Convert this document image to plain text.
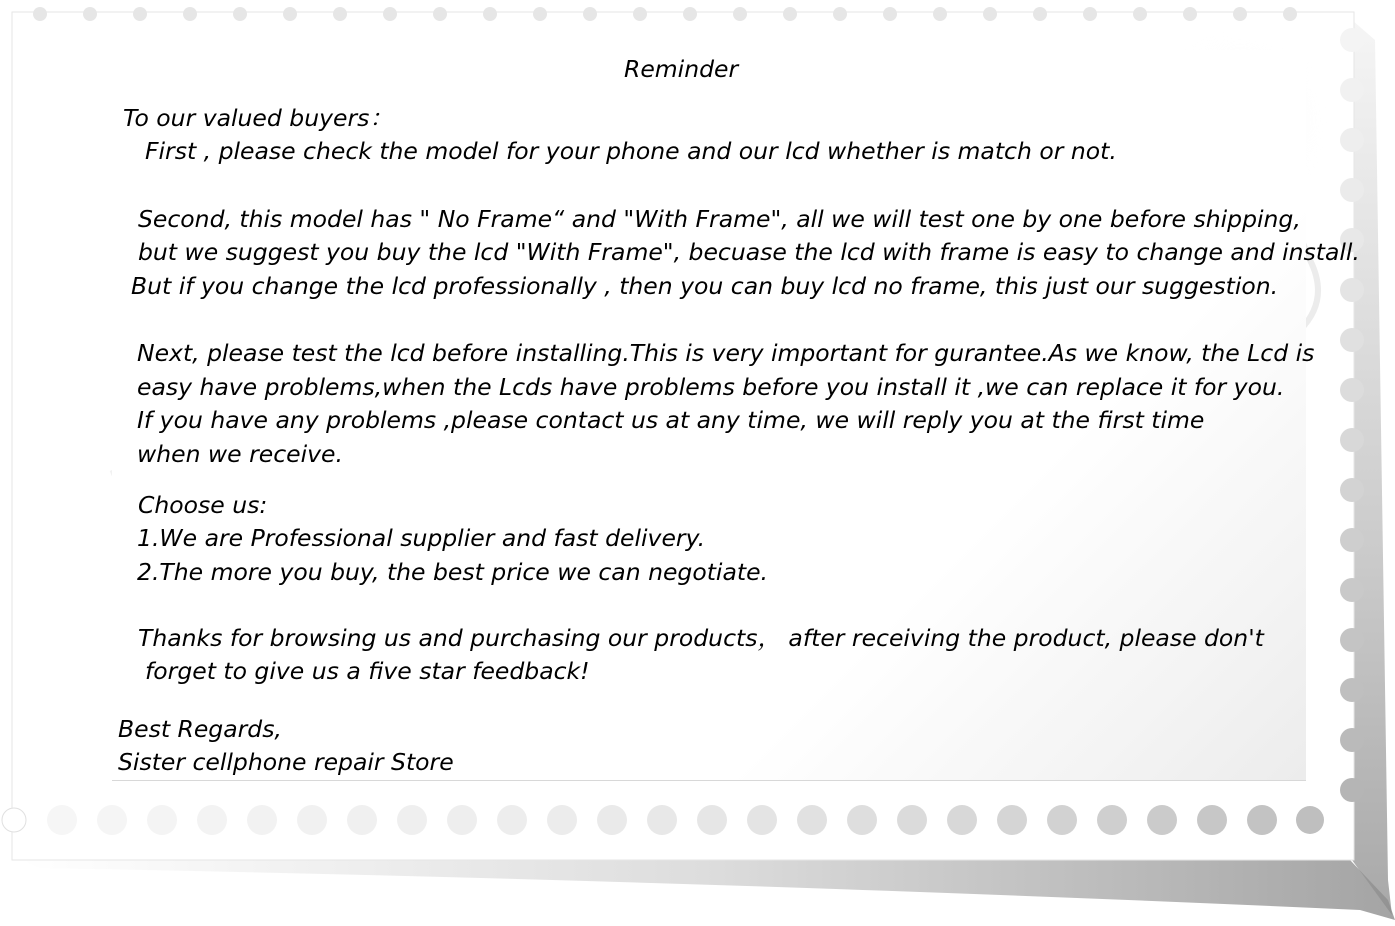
Reminder
To our valued buyers：
First , please check the model for your phone and our lcd whether is match or not.
Second, this model has " No Frame“ and "With Frame", all we will test one by one before shipping,
but we suggest you buy the lcd "With Frame", becuase the lcd with frame is easy to change and install.
But if you change the lcd professionally , then you can buy lcd no frame, this just our suggestion.
Next, please test the lcd before installing.This is very important for gurantee.As we know, the Lcd is
easy have problems,when the Lcds have problems before you install it ,we can replace it for you.
If you have any problems ,please contact us at any time, we will reply you at the first time
when we receive.
Choose us:
1.We are Professional supplier and fast delivery.
2.The more you buy, the best price we can negotiate.
Thanks for browsing us and purchasing our products， after receiving the product, please don't
forget to give us a five star feedback!
Best Regards,
Sister cellphone repair Store
